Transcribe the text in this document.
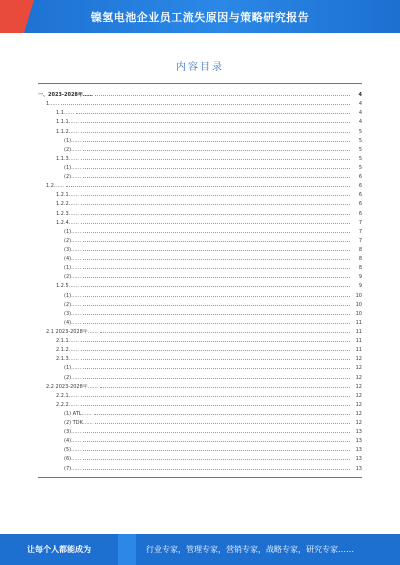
镍氢电池企业员工流失原因与策略研究报告
内容目录
一、2023-2028年……	4
1……	4
1.1……	4
1.1.1……	4
1.1.2……	5
(1)……	5
(2)……	5
1.1.3……	5
(1)……	5
(2)……	6
1.2……	6
1.2.1……	6
1.2.2……	6
1.2.3……	6
1.2.4……	7
(1)……	7
(2)……	7
(3)……	8
(4)……	8
(1)……	8
(2)……	9
1.2.5……	9
(1)……	10
(2)……	10
(3)……	10
(4)……	11
2.1 2023-2028年……	11
2.1.1……	11
2.1.2……	11
2.1.3……	12
(1)……	12
(2)……	12
2.2 2023-2028年……	12
2.2.1……	12
2.2.2……	12
(1) ATL……	12
(2) TDK……	12
(3)……	13
(4)……	13
(5)……	13
(6)……	13
(7)……	13
让每个人都能成为	行业专家，管理专家，营销专家，战略专家，研究专家……
